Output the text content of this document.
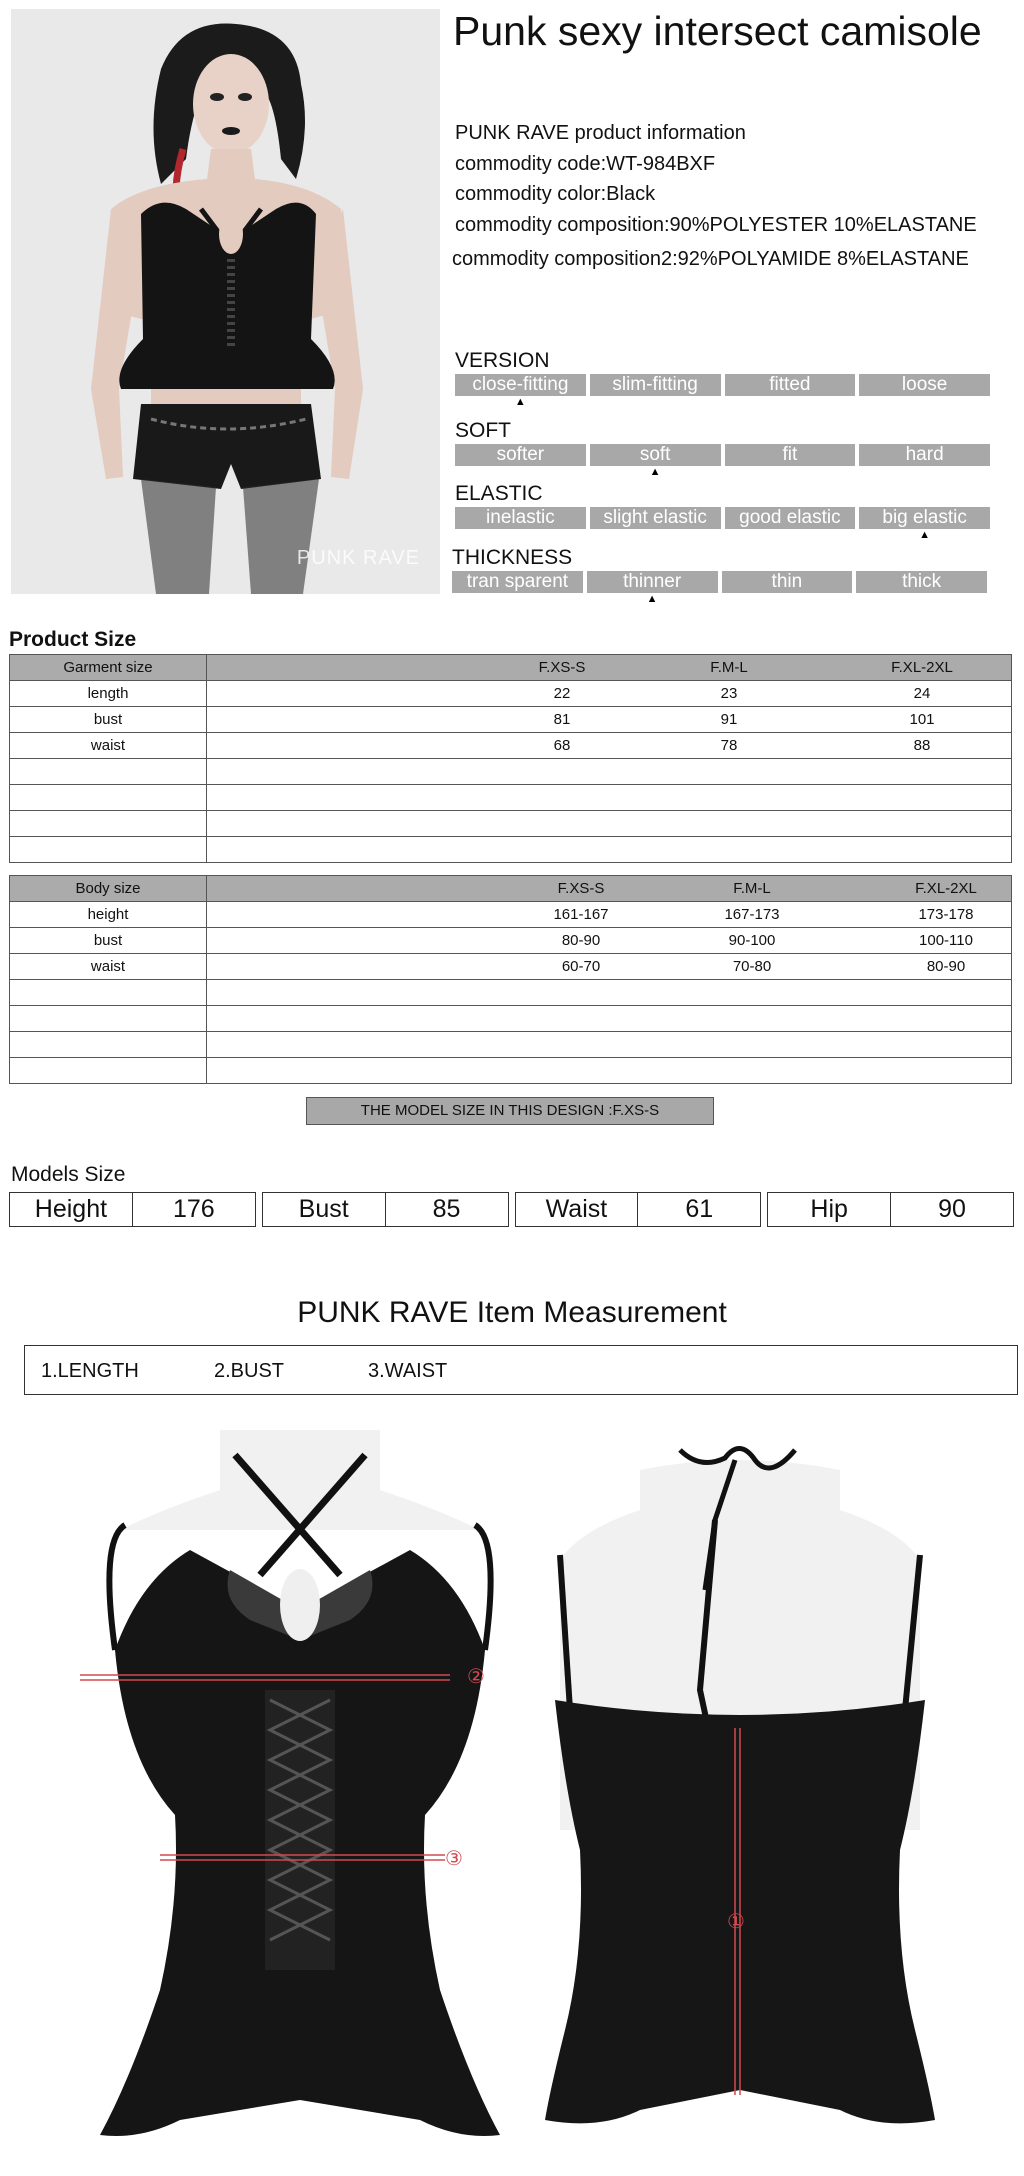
PUNK RAVE
Punk sexy intersect camisole
PUNK RAVE product information
commodity code:WT-984BXF
commodity color:Black
commodity composition:90%POLYESTER 10%ELASTANE
commodity composition2:92%POLYAMIDE 8%ELASTANE
VERSION
close-fitting	slim-fitting	fitted	loose
▲
SOFT
softer	soft	fit	hard
▲
ELASTIC
inelastic	slight elastic	good elastic	big elastic
▲
THICKNESS
tran sparent	thinner	thin	thick
▲
Product Size
Garment size	F.XS-S F.M-L F.XL-2XL

length	22 23 24

bust	81 91 101

waist	68 78 88

Body size	F.XS-S F.M-L F.XL-2XL

height	161-167 167-173 173-178

bust	80-90 90-100 100-110

waist	60-70 70-80 80-90

THE MODEL SIZE IN THIS DESIGN :F.XS-S
Models Size
Height	176	Bust	85	Waist	61	Hip	90
PUNK RAVE Item Measurement
1.LENGTH	2.BUST	3.WAIST
②
③
①
